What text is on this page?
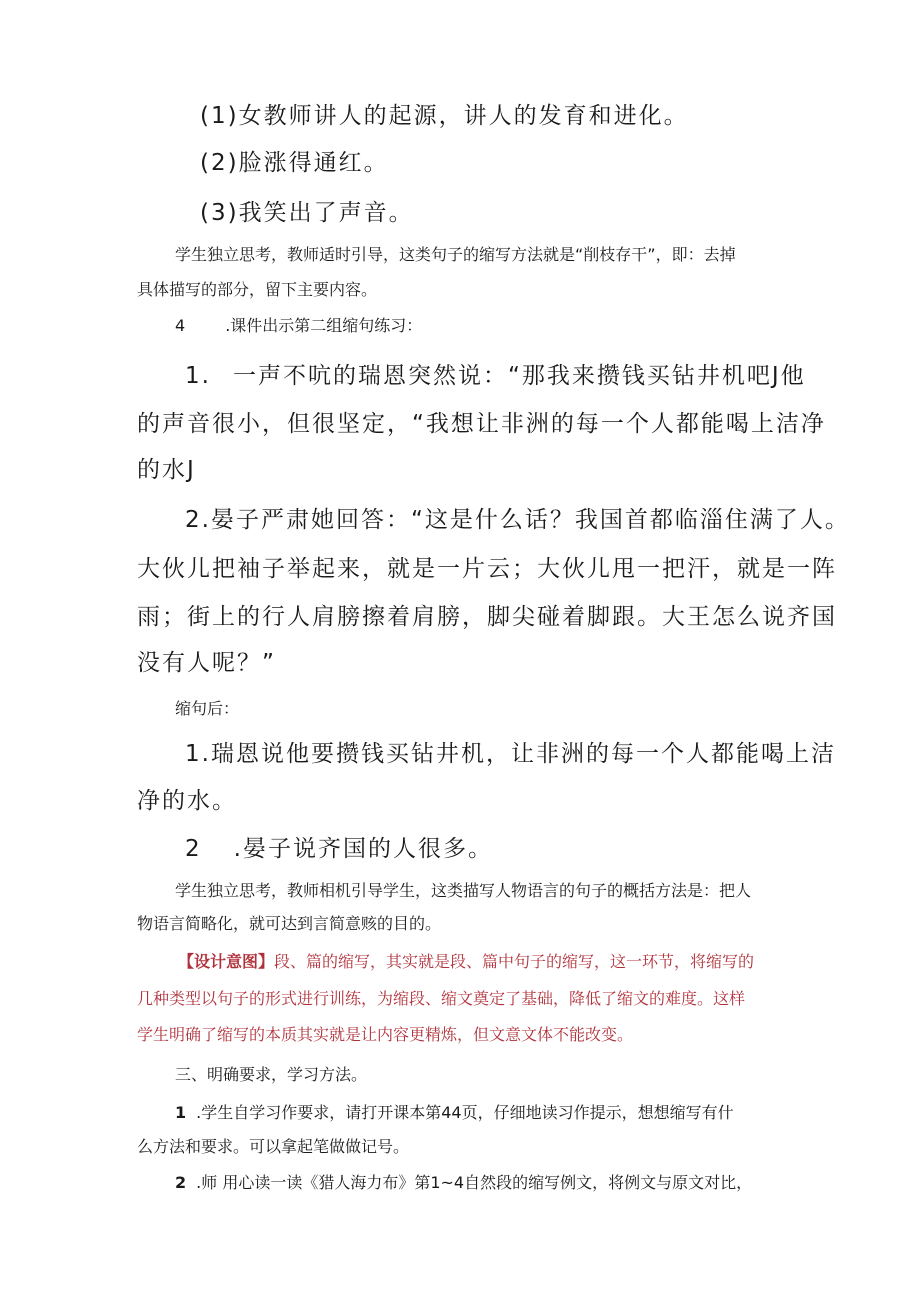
(1)女教师讲人的起源，讲人的发育和进化。
(2)脸涨得通红。
(3)我笑出了声音。
学生独立思考，教师适时引导，这类句子的缩写方法就是“削枝存干”，即：去掉
具体描写的部分，留下主要内容。
4	.课件出示第二组缩句练习：
1. 一声不吭的瑞恩突然说：“那我来攒钱买钻井机吧J他
的声音很小，但很坚定，“我想让非洲的每一个人都能喝上洁净
的水J
2.晏子严肃她回答：“这是什么话？我国首都临淄住满了人。
大伙儿把袖子举起来，就是一片云；大伙儿甩一把汗，就是一阵
雨；街上的行人肩膀擦着肩膀，脚尖碰着脚跟。大王怎么说齐国
没有人呢？”
缩句后：
1.瑞恩说他要攒钱买钻井机，让非洲的每一个人都能喝上洁
净的水。
2 .晏子说齐国的人很多。
学生独立思考，教师相机引导学生，这类描写人物语言的句子的概括方法是：把人
物语言简略化，就可达到言简意赅的目的。
【设计意图】段、篇的缩写，其实就是段、篇中句子的缩写，这一环节，将缩写的
几种类型以句子的形式进行训练，为缩段、缩文奠定了基础，降低了缩文的难度。这样
学生明确了缩写的本质其实就是让内容更精炼，但文意文体不能改变。
三、明确要求，学习方法。
1 .学生自学习作要求，请打开课本第44页，仔细地读习作提示，想想缩写有什
么方法和要求。可以拿起笔做做记号。
2 .师 用心读一读《猎人海力布》第1~4自然段的缩写例文，将例文与原文对比，
